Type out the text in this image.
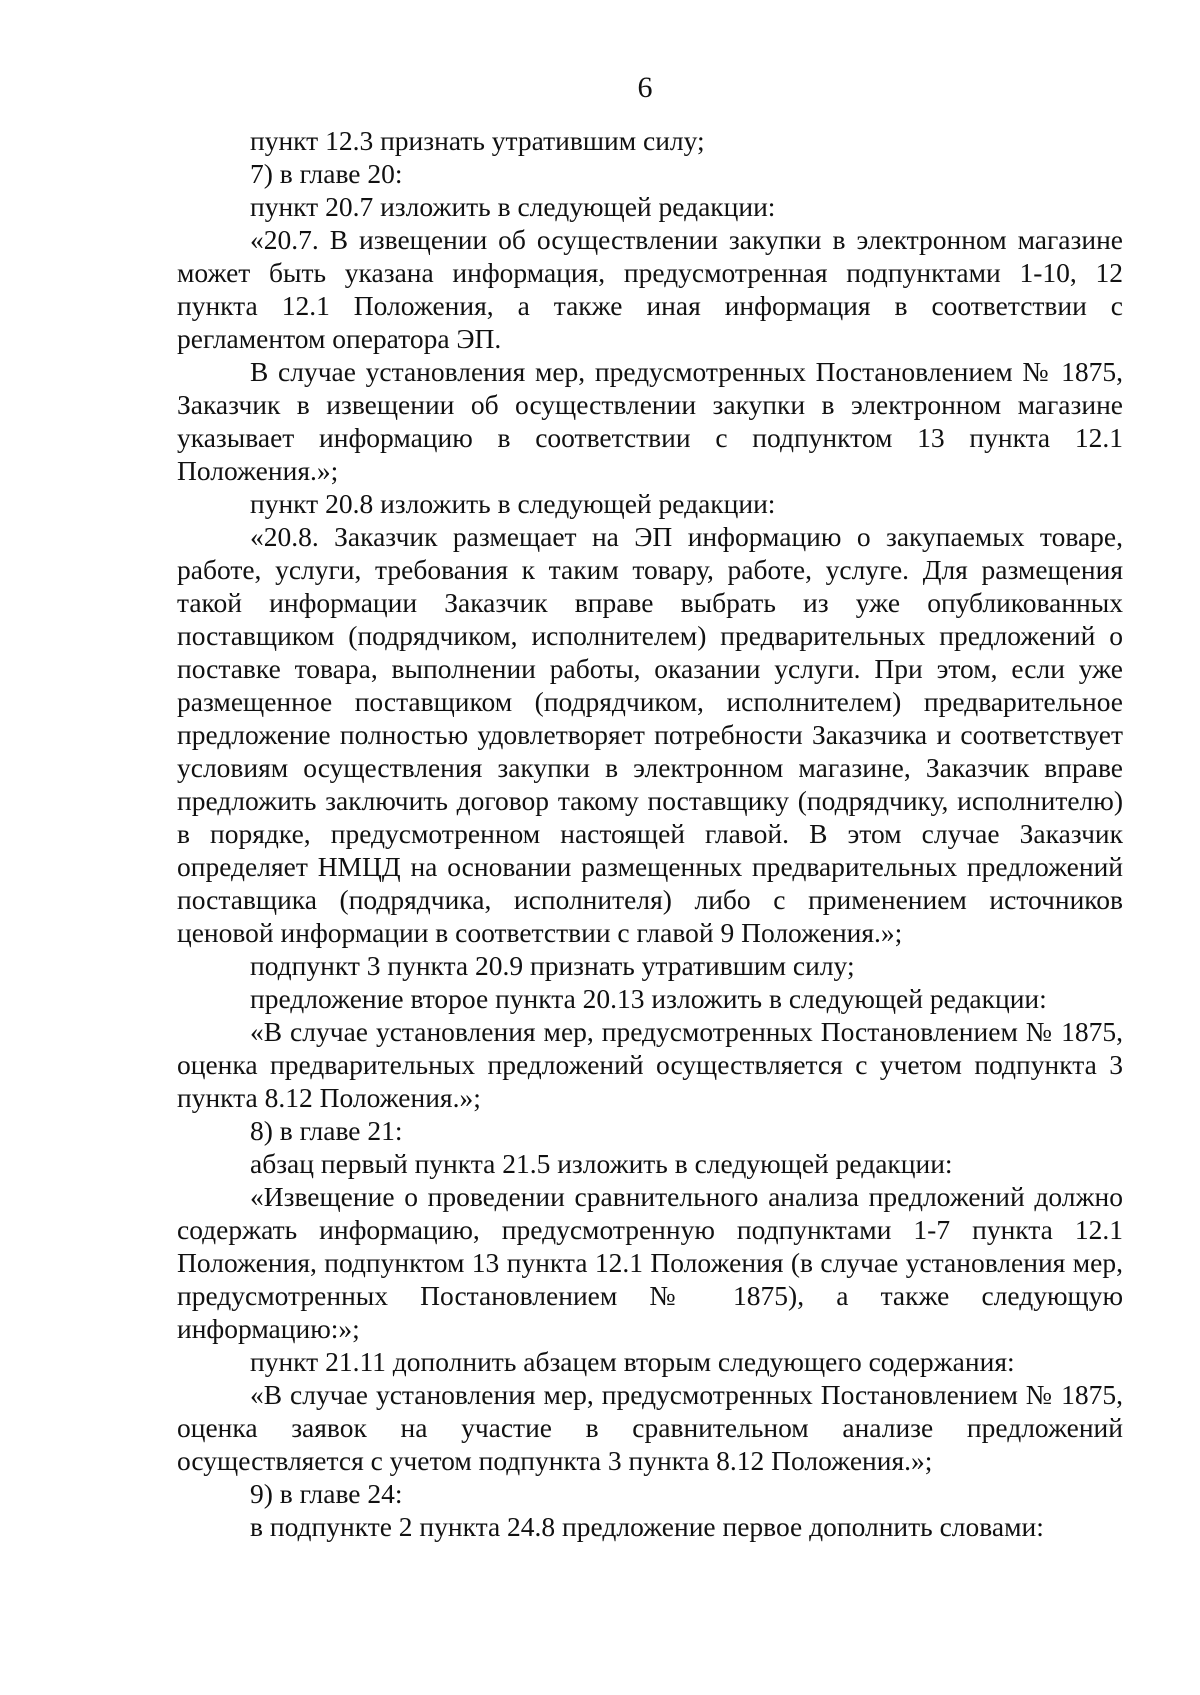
6

пункт 12.3 признать утратившим силу;

7) в главе 20:

пункт 20.7 изложить в следующей редакции:

«20.7. В извещении об осуществлении закупки в электронном магазине может быть указана информация, предусмотренная подпунктами 1-10, 12 пункта 12.1 Положения, а также иная информация в соответствии с регламентом оператора ЭП.

В случае установления мер, предусмотренных Постановлением № 1875, Заказчик в извещении об осуществлении закупки в электронном магазине указывает информацию в соответствии с подпунктом 13 пункта 12.1 Положения.»;

пункт 20.8 изложить в следующей редакции:

«20.8. Заказчик размещает на ЭП информацию о закупаемых товаре, работе, услуги, требования к таким товару, работе, услуге. Для размещения такой информации Заказчик вправе выбрать из уже опубликованных поставщиком (подрядчиком, исполнителем) предварительных предложений о поставке товара, выполнении работы, оказании услуги. При этом, если уже размещенное поставщиком (подрядчиком, исполнителем) предварительное предложение полностью удовлетворяет потребности Заказчика и соответствует условиям осуществления закупки в электронном магазине, Заказчик вправе предложить заключить договор такому поставщику (подрядчику, исполнителю) в порядке, предусмотренном настоящей главой. В этом случае Заказчик определяет НМЦД на основании размещенных предварительных предложений поставщика (подрядчика, исполнителя) либо с применением источников ценовой информации в соответствии с главой 9 Положения.»;

подпункт 3 пункта 20.9 признать утратившим силу;

предложение второе пункта 20.13 изложить в следующей редакции:

«В случае установления мер, предусмотренных Постановлением № 1875, оценка предварительных предложений осуществляется с учетом подпункта 3 пункта 8.12 Положения.»;

8) в главе 21:

абзац первый пункта 21.5 изложить в следующей редакции:

«Извещение о проведении сравнительного анализа предложений должно содержать информацию, предусмотренную подпунктами 1-7 пункта 12.1 Положения, подпунктом 13 пункта 12.1 Положения (в случае установления мер, предусмотренных Постановлением № 1875), а также следующую информацию:»;

пункт 21.11 дополнить абзацем вторым следующего содержания:

«В случае установления мер, предусмотренных Постановлением № 1875, оценка заявок на участие в сравнительном анализе предложений осуществляется с учетом подпункта 3 пункта 8.12 Положения.»;

9) в главе 24:

в подпункте 2 пункта 24.8 предложение первое дополнить словами:
